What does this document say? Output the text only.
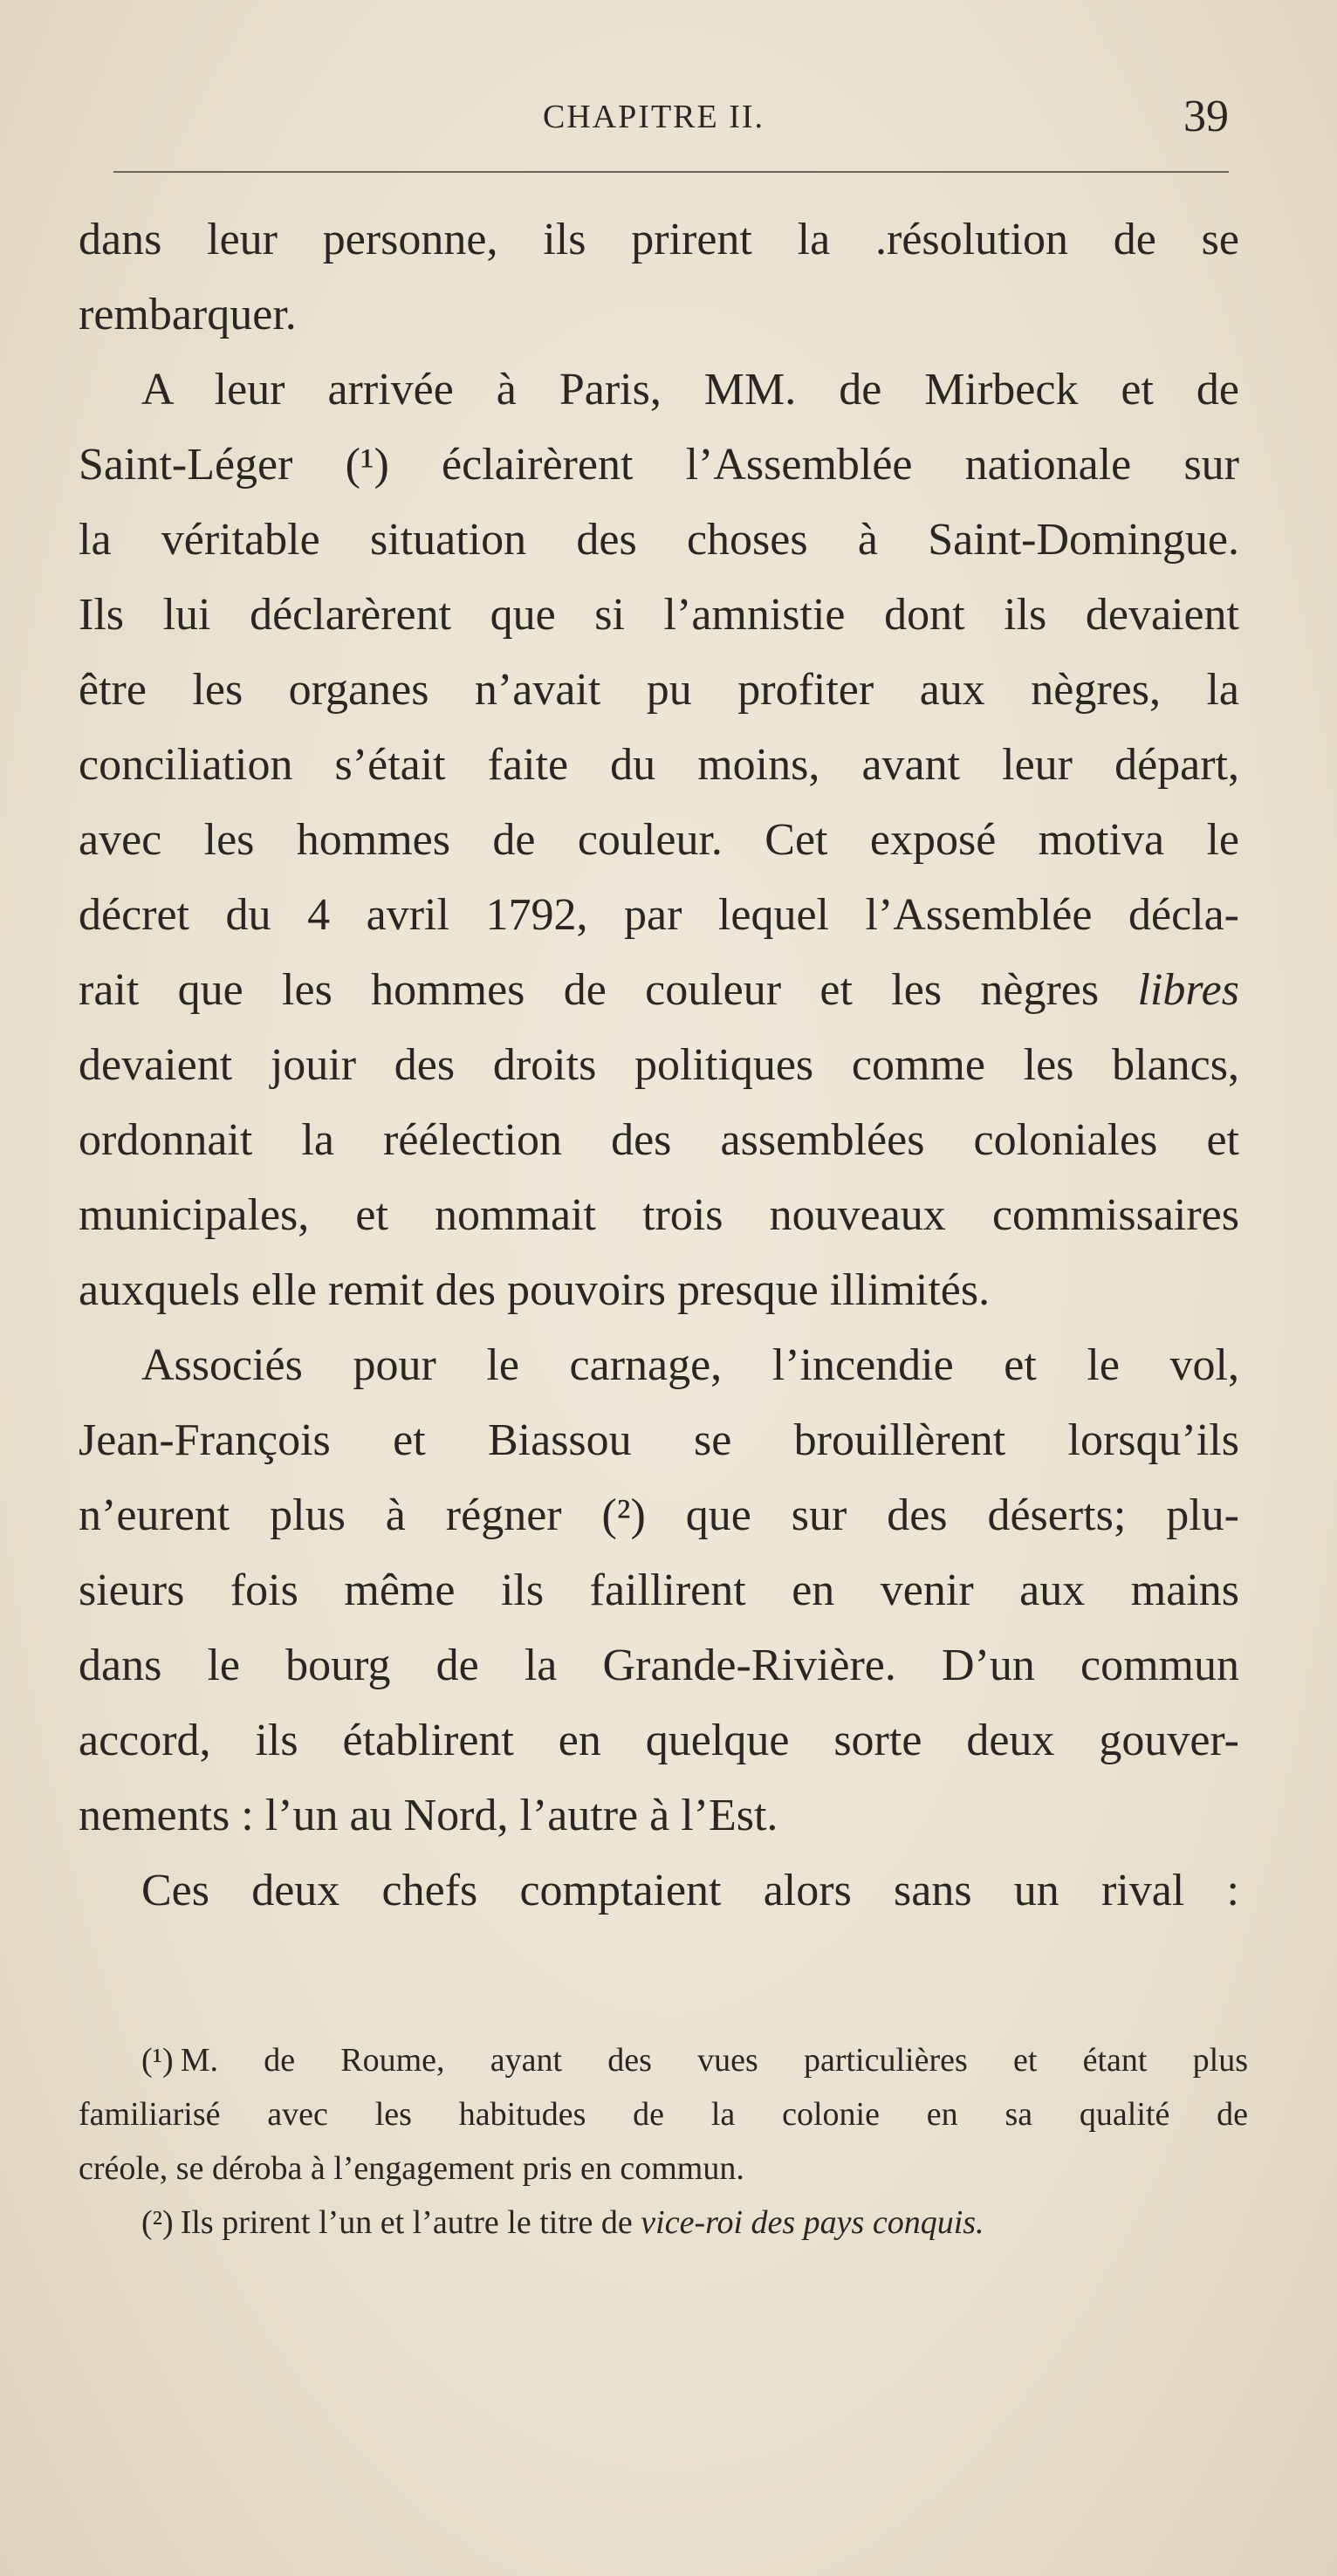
CHAPITRE II.	39
dans leur personne, ils prirent la .résolution de se
rembarquer.
A leur arrivée à Paris, MM. de Mirbeck et de
Saint-Léger (¹) éclairèrent l’Assemblée nationale sur
la véritable situation des choses à Saint-Domingue.
Ils lui déclarèrent que si l’amnistie dont ils devaient
être les organes n’avait pu profiter aux nègres, la
conciliation s’était faite du moins, avant leur départ,
avec les hommes de couleur. Cet exposé motiva le
décret du 4 avril 1792, par lequel l’Assemblée décla-
rait que les hommes de couleur et les nègres libres
devaient jouir des droits politiques comme les blancs,
ordonnait la réélection des assemblées coloniales et
municipales, et nommait trois nouveaux commissaires
auxquels elle remit des pouvoirs presque illimités.
Associés pour le carnage, l’incendie et le vol,
Jean-François et Biassou se brouillèrent lorsqu’ils
n’eurent plus à régner (²) que sur des déserts; plu-
sieurs fois même ils faillirent en venir aux mains
dans le bourg de la Grande-Rivière. D’un commun
accord, ils établirent en quelque sorte deux gouver-
nements : l’un au Nord, l’autre à l’Est.
Ces deux chefs comptaient alors sans un rival :
(¹) M. de Roume, ayant des vues particulières et étant plus
familiarisé avec les habitudes de la colonie en sa qualité de
créole, se déroba à l’engagement pris en commun.
(²) Ils prirent l’un et l’autre le titre de vice-roi des pays conquis.
